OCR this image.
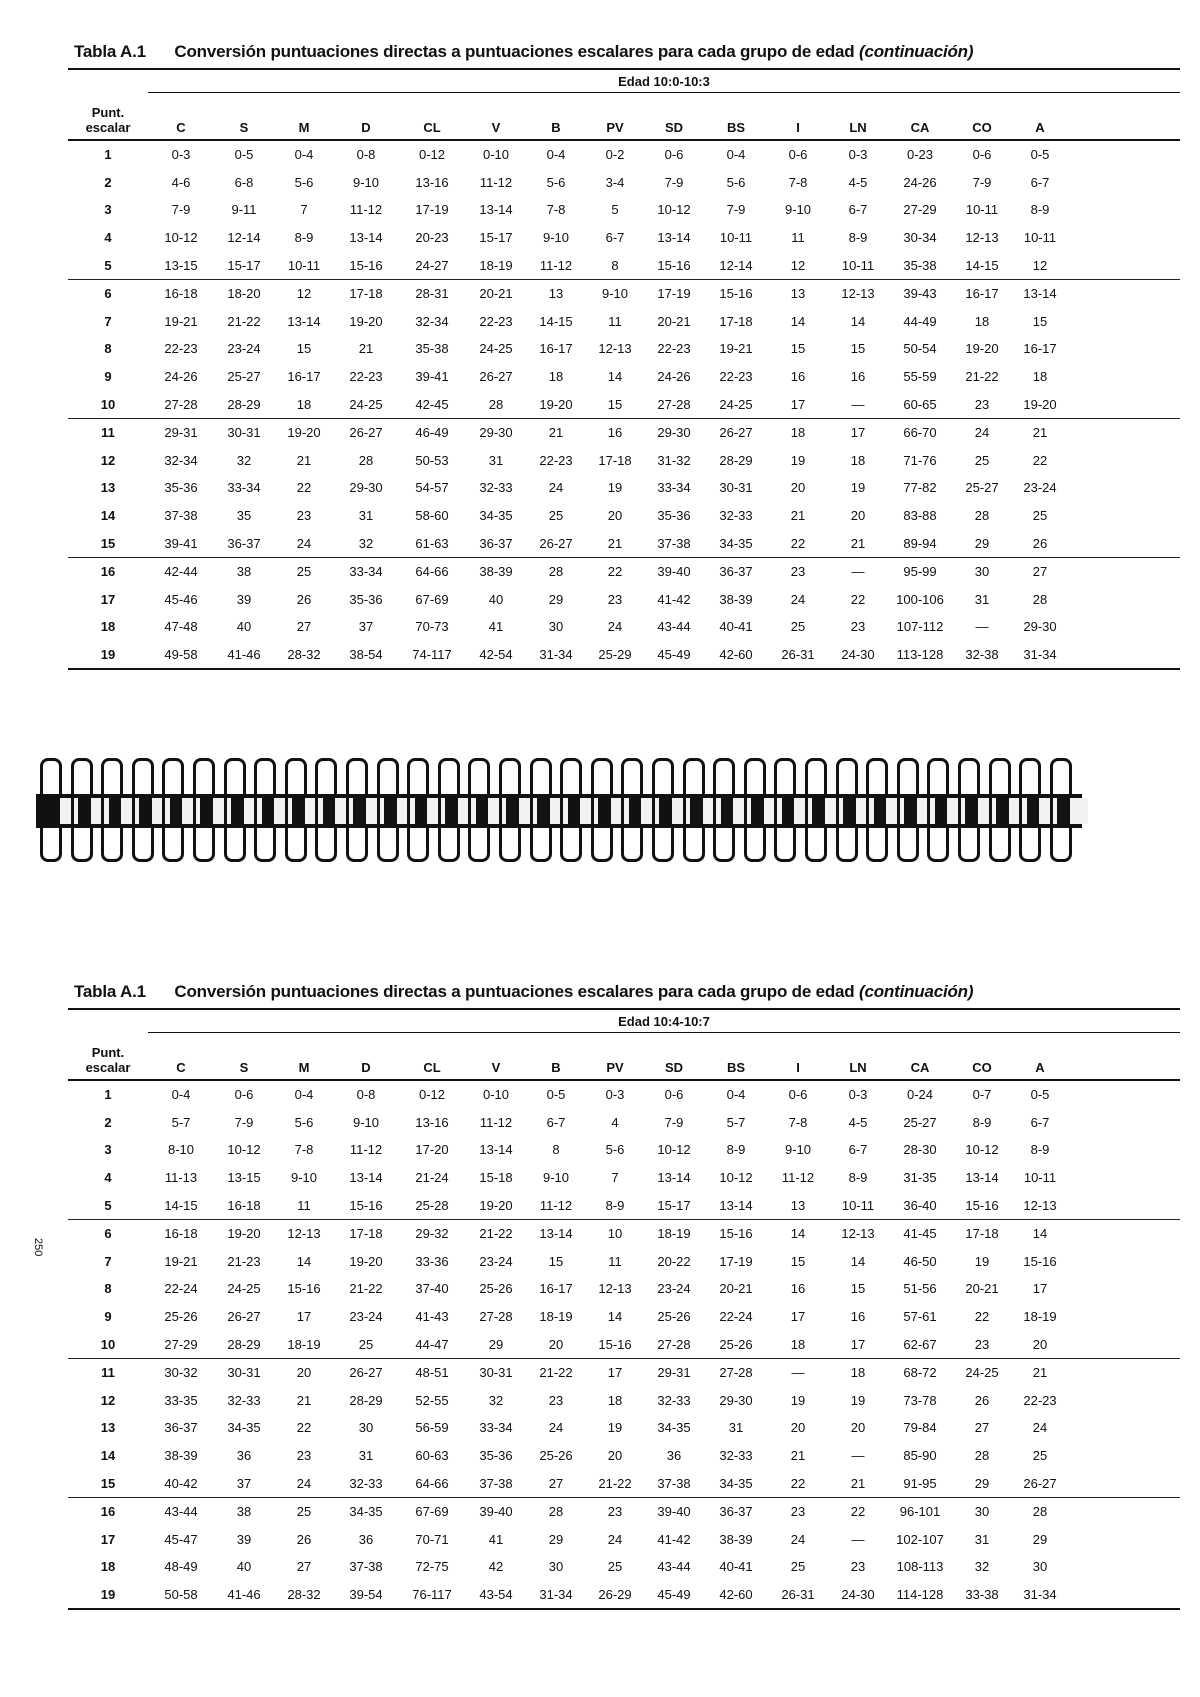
Tabla A.1 Conversión puntuaciones directas a puntuaciones escalares para cada grupo de edad (continuación)
Edad 10:0-10:3
Punt.
escalar	C	S	M	D	CL	V	B	PV	SD	BS	I	LN	CA	CO	A
1	0-3	0-5	0-4	0-8	0-12	0-10	0-4	0-2	0-6	0-4	0-6	0-3	0-23	0-6	0-5
2	4-6	6-8	5-6	9-10	13-16	11-12	5-6	3-4	7-9	5-6	7-8	4-5	24-26	7-9	6-7
3	7-9	9-11	7	11-12	17-19	13-14	7-8	5	10-12	7-9	9-10	6-7	27-29	10-11	8-9
4	10-12	12-14	8-9	13-14	20-23	15-17	9-10	6-7	13-14	10-11	11	8-9	30-34	12-13	10-11
5	13-15	15-17	10-11	15-16	24-27	18-19	11-12	8	15-16	12-14	12	10-11	35-38	14-15	12
6	16-18	18-20	12	17-18	28-31	20-21	13	9-10	17-19	15-16	13	12-13	39-43	16-17	13-14
7	19-21	21-22	13-14	19-20	32-34	22-23	14-15	11	20-21	17-18	14	14	44-49	18	15
8	22-23	23-24	15	21	35-38	24-25	16-17	12-13	22-23	19-21	15	15	50-54	19-20	16-17
9	24-26	25-27	16-17	22-23	39-41	26-27	18	14	24-26	22-23	16	16	55-59	21-22	18
10	27-28	28-29	18	24-25	42-45	28	19-20	15	27-28	24-25	17	—	60-65	23	19-20
11	29-31	30-31	19-20	26-27	46-49	29-30	21	16	29-30	26-27	18	17	66-70	24	21
12	32-34	32	21	28	50-53	31	22-23	17-18	31-32	28-29	19	18	71-76	25	22
13	35-36	33-34	22	29-30	54-57	32-33	24	19	33-34	30-31	20	19	77-82	25-27	23-24
14	37-38	35	23	31	58-60	34-35	25	20	35-36	32-33	21	20	83-88	28	25
15	39-41	36-37	24	32	61-63	36-37	26-27	21	37-38	34-35	22	21	89-94	29	26
16	42-44	38	25	33-34	64-66	38-39	28	22	39-40	36-37	23	—	95-99	30	27
17	45-46	39	26	35-36	67-69	40	29	23	41-42	38-39	24	22	100-106	31	28
18	47-48	40	27	37	70-73	41	30	24	43-44	40-41	25	23	107-112	—	29-30
19	49-58	41-46	28-32	38-54	74-117	42-54	31-34	25-29	45-49	42-60	26-31	24-30	113-128	32-38	31-34
250
Tabla A.1 Conversión puntuaciones directas a puntuaciones escalares para cada grupo de edad (continuación)
Edad 10:4-10:7
Punt.
escalar	C	S	M	D	CL	V	B	PV	SD	BS	I	LN	CA	CO	A
1	0-4	0-6	0-4	0-8	0-12	0-10	0-5	0-3	0-6	0-4	0-6	0-3	0-24	0-7	0-5
2	5-7	7-9	5-6	9-10	13-16	11-12	6-7	4	7-9	5-7	7-8	4-5	25-27	8-9	6-7
3	8-10	10-12	7-8	11-12	17-20	13-14	8	5-6	10-12	8-9	9-10	6-7	28-30	10-12	8-9
4	11-13	13-15	9-10	13-14	21-24	15-18	9-10	7	13-14	10-12	11-12	8-9	31-35	13-14	10-11
5	14-15	16-18	11	15-16	25-28	19-20	11-12	8-9	15-17	13-14	13	10-11	36-40	15-16	12-13
6	16-18	19-20	12-13	17-18	29-32	21-22	13-14	10	18-19	15-16	14	12-13	41-45	17-18	14
7	19-21	21-23	14	19-20	33-36	23-24	15	11	20-22	17-19	15	14	46-50	19	15-16
8	22-24	24-25	15-16	21-22	37-40	25-26	16-17	12-13	23-24	20-21	16	15	51-56	20-21	17
9	25-26	26-27	17	23-24	41-43	27-28	18-19	14	25-26	22-24	17	16	57-61	22	18-19
10	27-29	28-29	18-19	25	44-47	29	20	15-16	27-28	25-26	18	17	62-67	23	20
11	30-32	30-31	20	26-27	48-51	30-31	21-22	17	29-31	27-28	—	18	68-72	24-25	21
12	33-35	32-33	21	28-29	52-55	32	23	18	32-33	29-30	19	19	73-78	26	22-23
13	36-37	34-35	22	30	56-59	33-34	24	19	34-35	31	20	20	79-84	27	24
14	38-39	36	23	31	60-63	35-36	25-26	20	36	32-33	21	—	85-90	28	25
15	40-42	37	24	32-33	64-66	37-38	27	21-22	37-38	34-35	22	21	91-95	29	26-27
16	43-44	38	25	34-35	67-69	39-40	28	23	39-40	36-37	23	22	96-101	30	28
17	45-47	39	26	36	70-71	41	29	24	41-42	38-39	24	—	102-107	31	29
18	48-49	40	27	37-38	72-75	42	30	25	43-44	40-41	25	23	108-113	32	30
19	50-58	41-46	28-32	39-54	76-117	43-54	31-34	26-29	45-49	42-60	26-31	24-30	114-128	33-38	31-34
